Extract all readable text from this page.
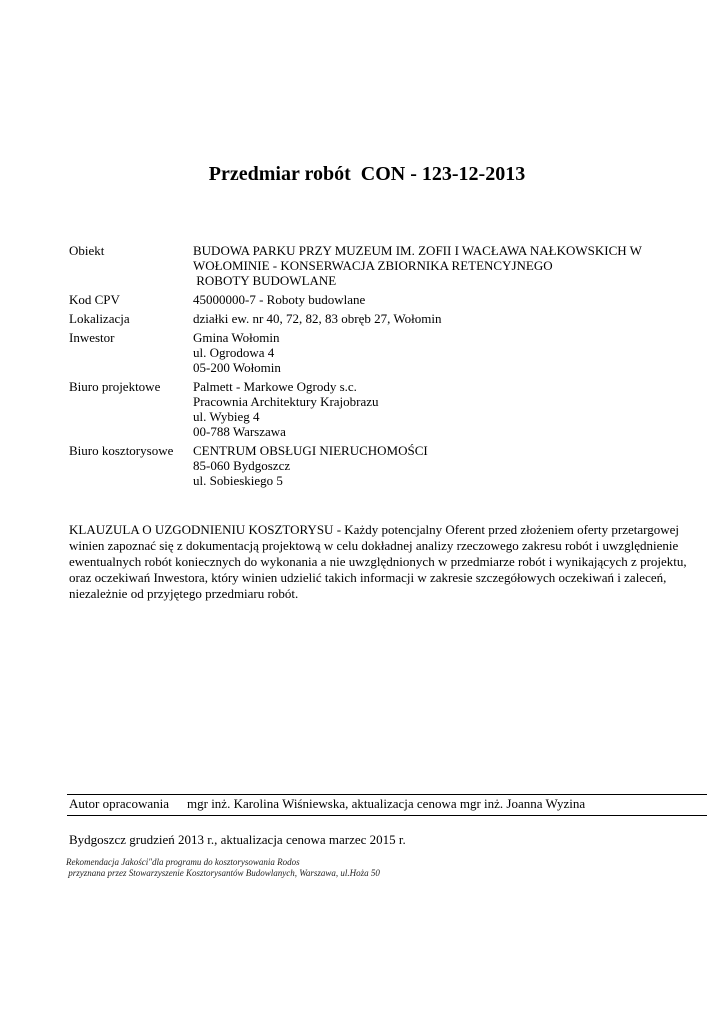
Przedmiar robót  CON - 123-12-2013

Obiekt	BUDOWA PARKU PRZY MUZEUM IM. ZOFII I WACŁAWA NAŁKOWSKICH W
WOŁOMINIE - KONSERWACJA ZBIORNIKA RETENCYJNEGO
ROBOTY BUDOWLANE
Kod CPV	45000000-7 - Roboty budowlane
Lokalizacja	działki ew. nr 40, 72, 82, 83 obręb 27, Wołomin
Inwestor	Gmina Wołomin
ul. Ogrodowa 4
05-200 Wołomin
Biuro projektowe	Palmett - Markowe Ogrody s.c.
Pracownia Architektury Krajobrazu
ul. Wybieg 4
00-788 Warszawa
Biuro kosztorysowe	CENTRUM OBSŁUGI NIERUCHOMOŚCI
85-060 Bydgoszcz
ul. Sobieskiego 5
KLAUZULA O UZGODNIENIU KOSZTORYSU - Każdy potencjalny Oferent przed złożeniem oferty przetargowej
winien zapoznać się z dokumentacją projektową w celu dokładnej analizy rzeczowego zakresu robót i uwzględnienie
ewentualnych robót koniecznych do wykonania a nie uwzględnionych w przedmiarze robót i wynikających z projektu,
oraz oczekiwań Inwestora, który winien udzielić takich informacji w zakresie szczegółowych oczekiwań i zaleceń,
niezależnie od przyjętego przedmiaru robót.
Autor opracowania mgr inż. Karolina Wiśniewska, aktualizacja cenowa mgr inż. Joanna Wyzina
Bydgoszcz grudzień 2013 r., aktualizacja cenowa marzec 2015 r.
Rekomendacja Jakości"dla programu do kosztorysowania Rodos
przyznana przez Stowarzyszenie Kosztorysantów Budowlanych, Warszawa, ul.Hoża 50
